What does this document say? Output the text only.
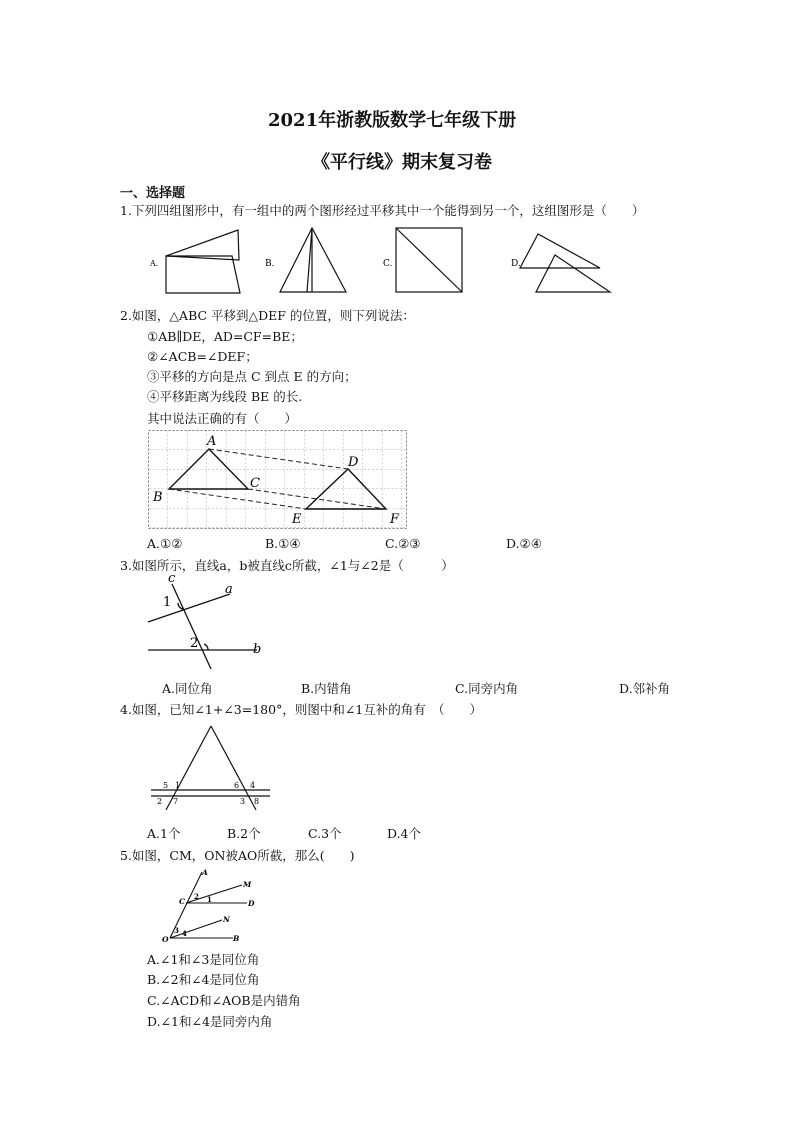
2021年浙教版数学七年级下册
《平行线》期末复习卷
一、选择题
1.下列四组图形中，有一组中的两个图形经过平移其中一个能得到另一个，这组图形是（　　）
A.	B.	C.	D.
2.如图，△ABC 平移到△DEF 的位置，则下列说法：
①AB∥DE，AD=CF=BE；
②∠ACB=∠DEF；
③平移的方向是点 C 到点 E 的方向；
④平移距离为线段 BE 的长.
其中说法正确的有（　　）
A
B
C
D
E	F
A.①②	B.①④	C.②③	D.②④
3.如图所示，直线a，b被直线c所截，∠1与∠2是（　　　）
c
a
b
1
2
A.同位角	B.内错角	C.同旁内角	D.邻补角
4.如图，已知∠1+∠3=180°，则图中和∠1互补的角有　（　　）
1
2	3
4
5	6
7	8
A.1个	B.2个	C.3个	D.4个
5.如图，CM，ON被AO所截，那么(　　)
A
M
C	D
N
O	B
1
2
3 4
A.∠1和∠3是同位角
B.∠2和∠4是同位角
C.∠ACD和∠AOB是内错角
D.∠1和∠4是同旁内角
